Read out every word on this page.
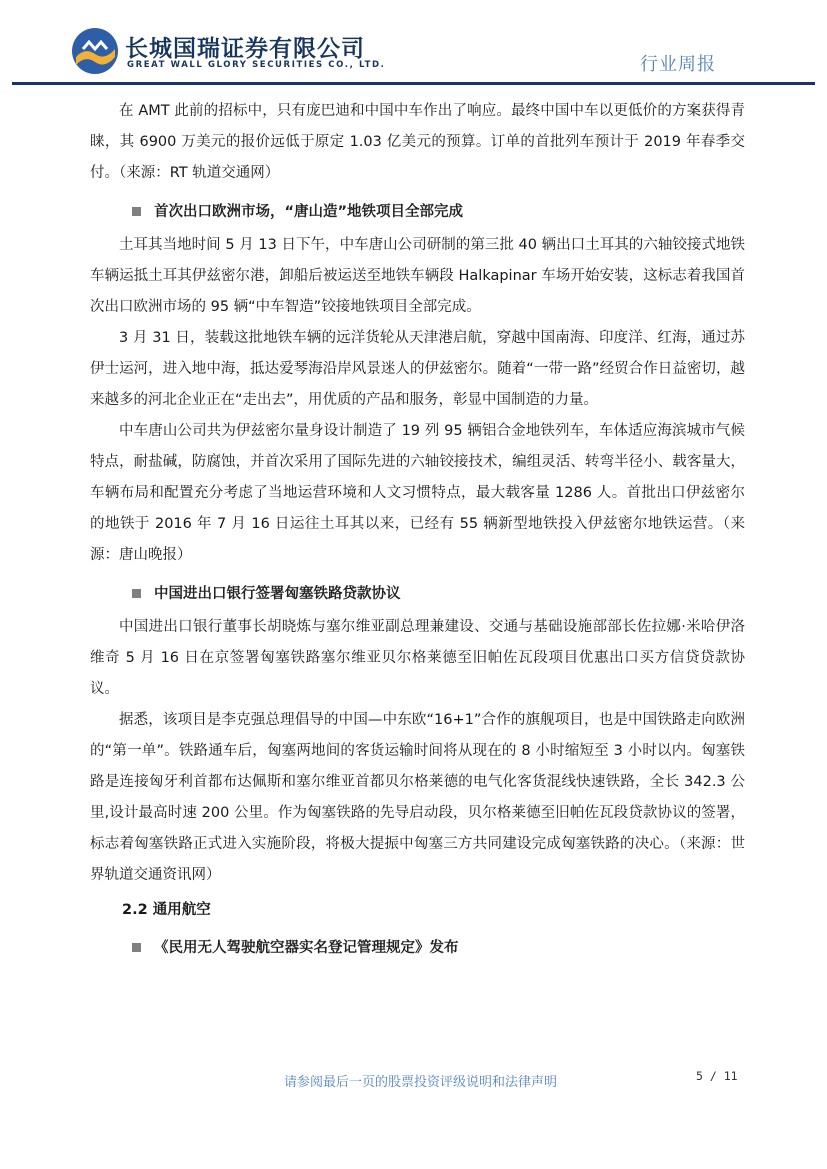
长城国瑞证券有限公司
GREAT WALL GLORY SECURITIES CO., LTD.	行业周报

在 AMT 此前的招标中，只有庞巴迪和中国中车作出了响应。最终中国中车以更低价的方案获得青睐，其 6900 万美元的报价远低于原定 1.03 亿美元的预算。订单的首批列车预计于 2019 年春季交付。（来源：RT 轨道交通网）

首次出口欧洲市场，“唐山造”地铁项目全部完成

土耳其当地时间 5 月 13 日下午，中车唐山公司研制的第三批 40 辆出口土耳其的六轴铰接式地铁车辆运抵土耳其伊兹密尔港，卸船后被运送至地铁车辆段 Halkapinar 车场开始安装，这标志着我国首次出口欧洲市场的 95 辆“中车智造”铰接地铁项目全部完成。

3 月 31 日，装载这批地铁车辆的远洋货轮从天津港启航，穿越中国南海、印度洋、红海，通过苏伊士运河，进入地中海，抵达爱琴海沿岸风景迷人的伊兹密尔。随着“一带一路”经贸合作日益密切，越来越多的河北企业正在“走出去”，用优质的产品和服务，彰显中国制造的力量。

中车唐山公司共为伊兹密尔量身设计制造了 19 列 95 辆铝合金地铁列车，车体适应海滨城市气候特点，耐盐碱，防腐蚀，并首次采用了国际先进的六轴铰接技术，编组灵活、转弯半径小、载客量大，车辆布局和配置充分考虑了当地运营环境和人文习惯特点，最大载客量 1286 人。首批出口伊兹密尔的地铁于 2016 年 7 月 16 日运往土耳其以来，已经有 55 辆新型地铁投入伊兹密尔地铁运营。（来源：唐山晚报）

中国进出口银行签署匈塞铁路贷款协议

中国进出口银行董事长胡晓炼与塞尔维亚副总理兼建设、交通与基础设施部部长佐拉娜·米哈伊洛维奇 5 月 16 日在京签署匈塞铁路塞尔维亚贝尔格莱德至旧帕佐瓦段项目优惠出口买方信贷贷款协议。

据悉，该项目是李克强总理倡导的中国—中东欧“16+1”合作的旗舰项目，也是中国铁路走向欧洲的“第一单”。铁路通车后，匈塞两地间的客货运输时间将从现在的 8 小时缩短至 3 小时以内。匈塞铁路是连接匈牙利首都布达佩斯和塞尔维亚首都贝尔格莱德的电气化客货混线快速铁路，全长 342.3 公里,设计最高时速 200 公里。作为匈塞铁路的先导启动段，贝尔格莱德至旧帕佐瓦段贷款协议的签署，标志着匈塞铁路正式进入实施阶段，将极大提振中匈塞三方共同建设完成匈塞铁路的决心。（来源：世界轨道交通资讯网）

2.2 通用航空
《民用无人驾驶航空器实名登记管理规定》发布
请参阅最后一页的股票投资评级说明和法律声明	5 / 11
